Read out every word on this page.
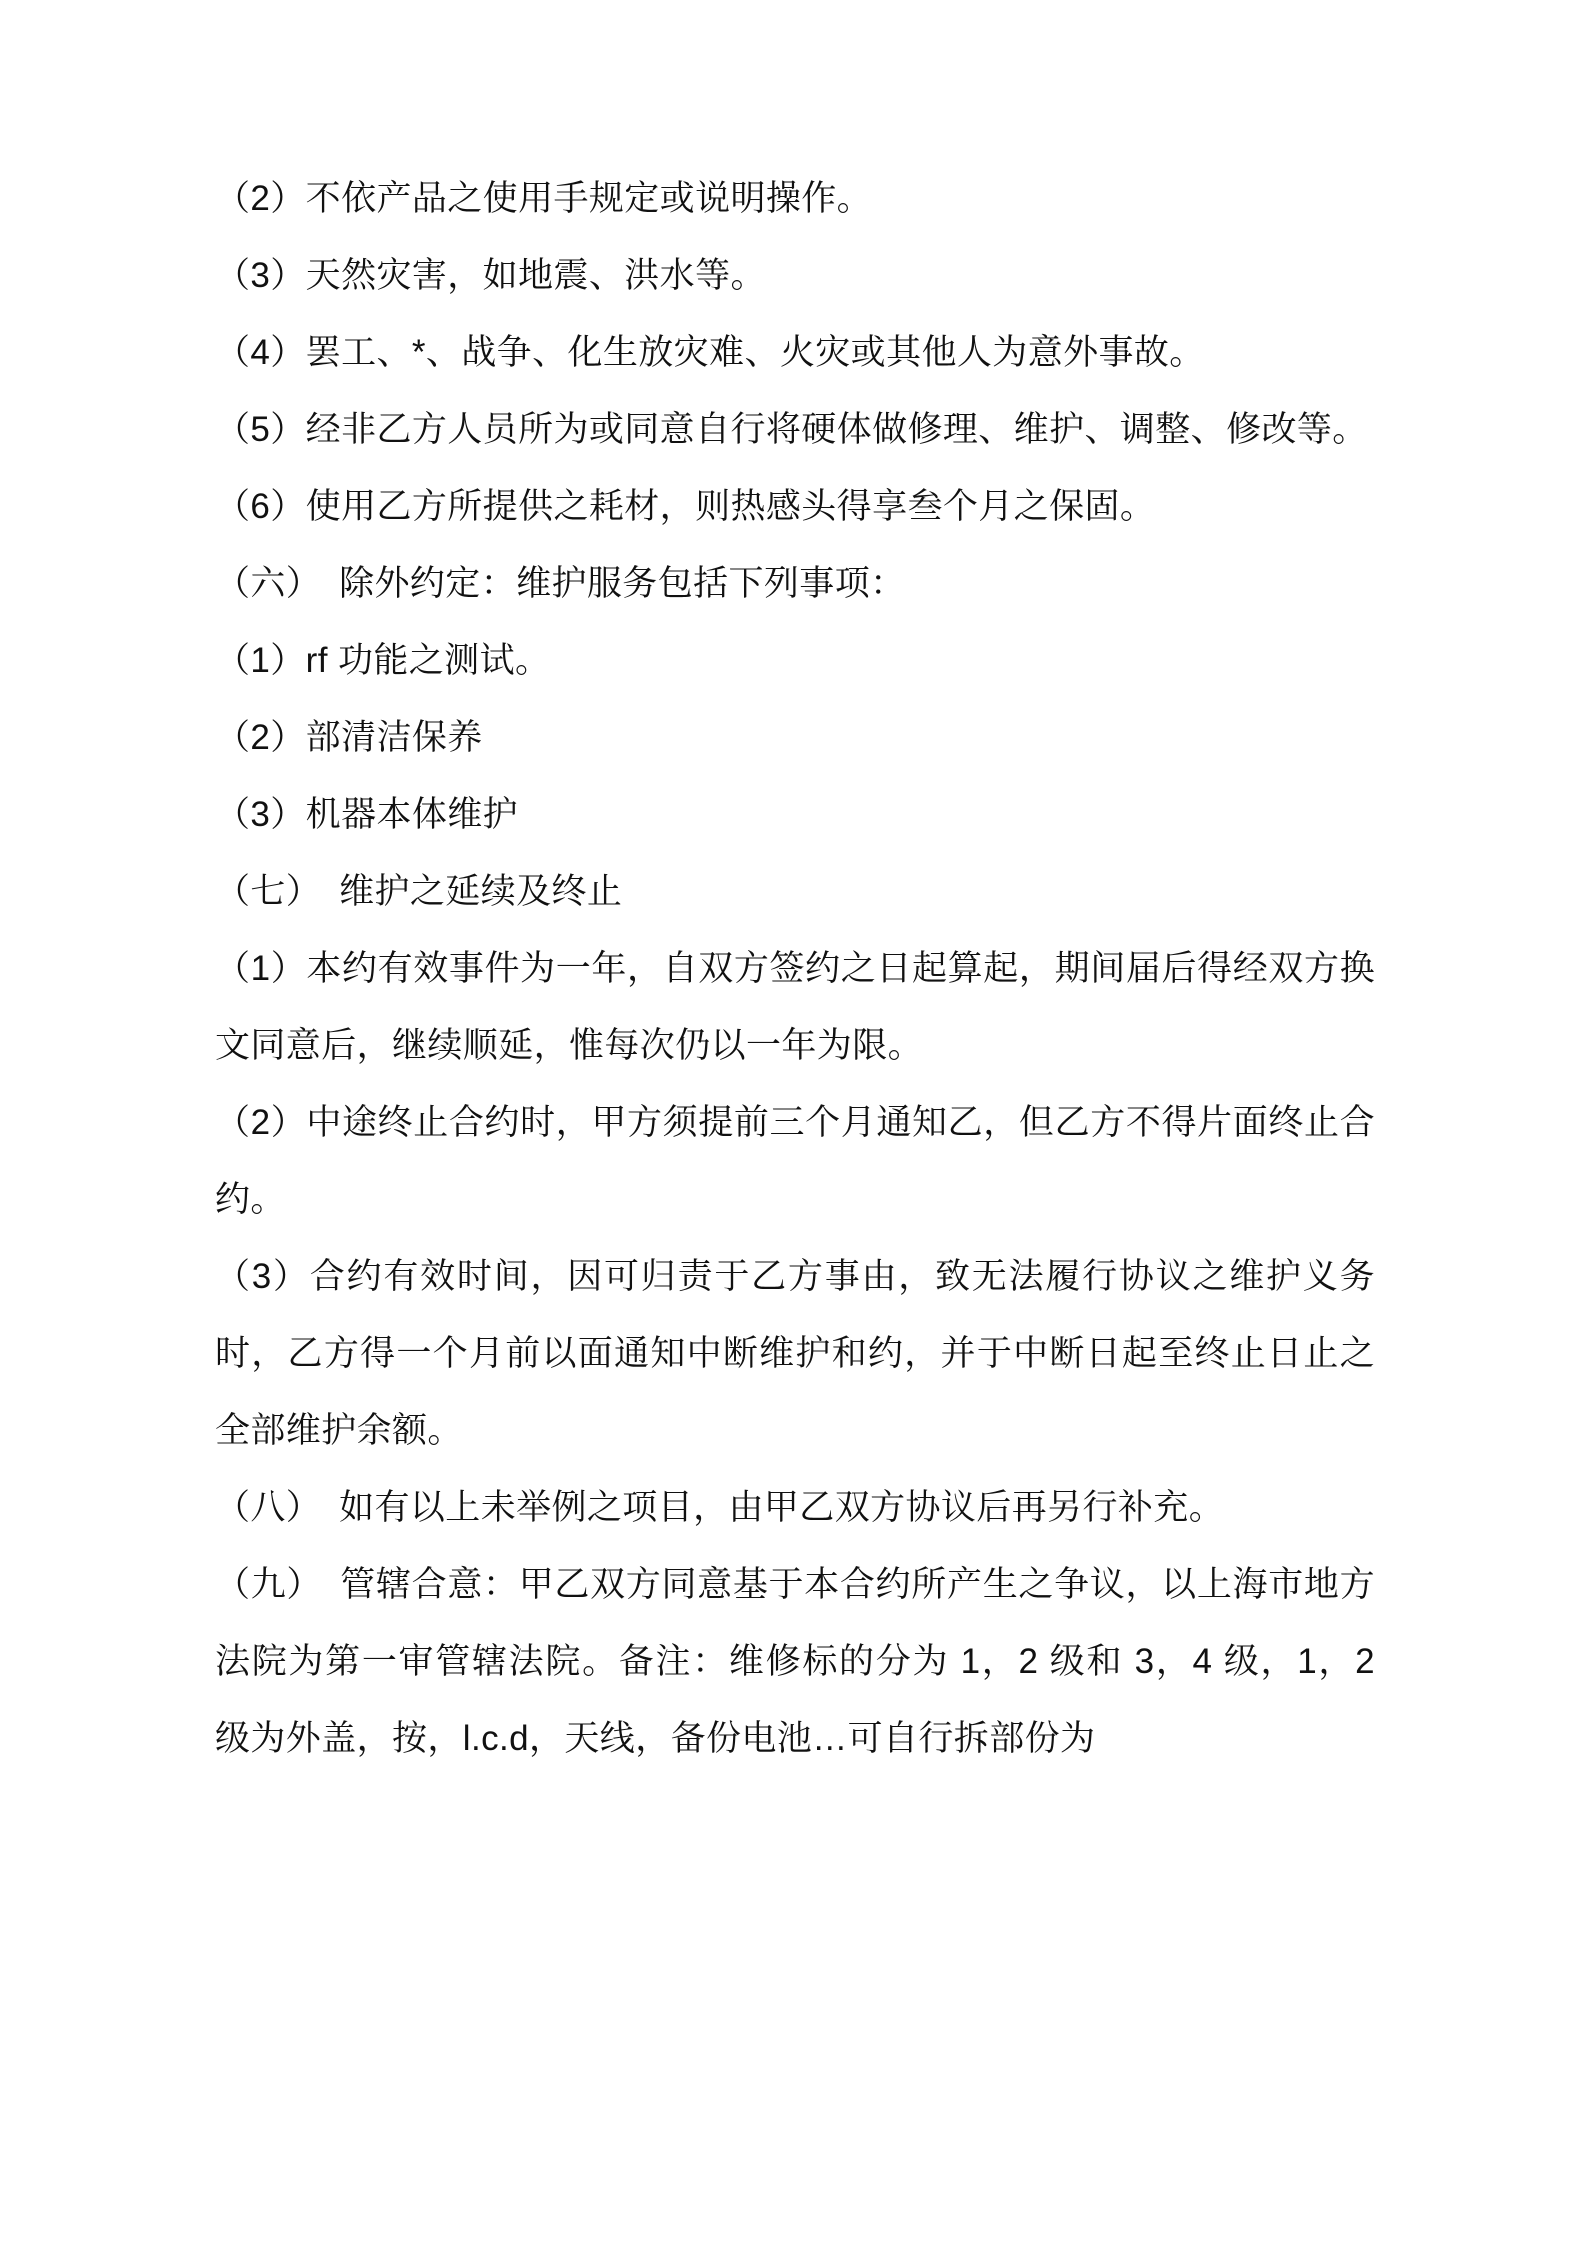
（2）不依产品之使用手规定或说明操作。

（3）天然灾害，如地震、洪水等。

（4）罢工、*、战争、化生放灾难、火灾或其他人为意外事故。

（5）经非乙方人员所为或同意自行将硬体做修理、维护、调整、修改等。

（6）使用乙方所提供之耗材，则热感头得享叁个月之保固。

（六）　除外约定：维护服务包括下列事项：

（1）rf 功能之测试。

（2）部清洁保养

（3）机器本体维护

（七）　维护之延续及终止

（1）本约有效事件为一年，自双方签约之日起算起，期间届后得经双方换文同意后，继续顺延，惟每次仍以一年为限。

（2）中途终止合约时，甲方须提前三个月通知乙，但乙方不得片面终止合约。

（3）合约有效时间，因可归责于乙方事由，致无法履行协议之维护义务时，乙方得一个月前以面通知中断维护和约，并于中断日起至终止日止之全部维护余额。

（八）　如有以上未举例之项目，由甲乙双方协议后再另行补充。

（九）　管辖合意：甲乙双方同意基于本合约所产生之争议，以上海市地方法院为第一审管辖法院。备注：维修标的分为 1，2 级和 3，4 级，1，2 级为外盖，按，l.c.d，天线，备份电池…可自行拆部份为
